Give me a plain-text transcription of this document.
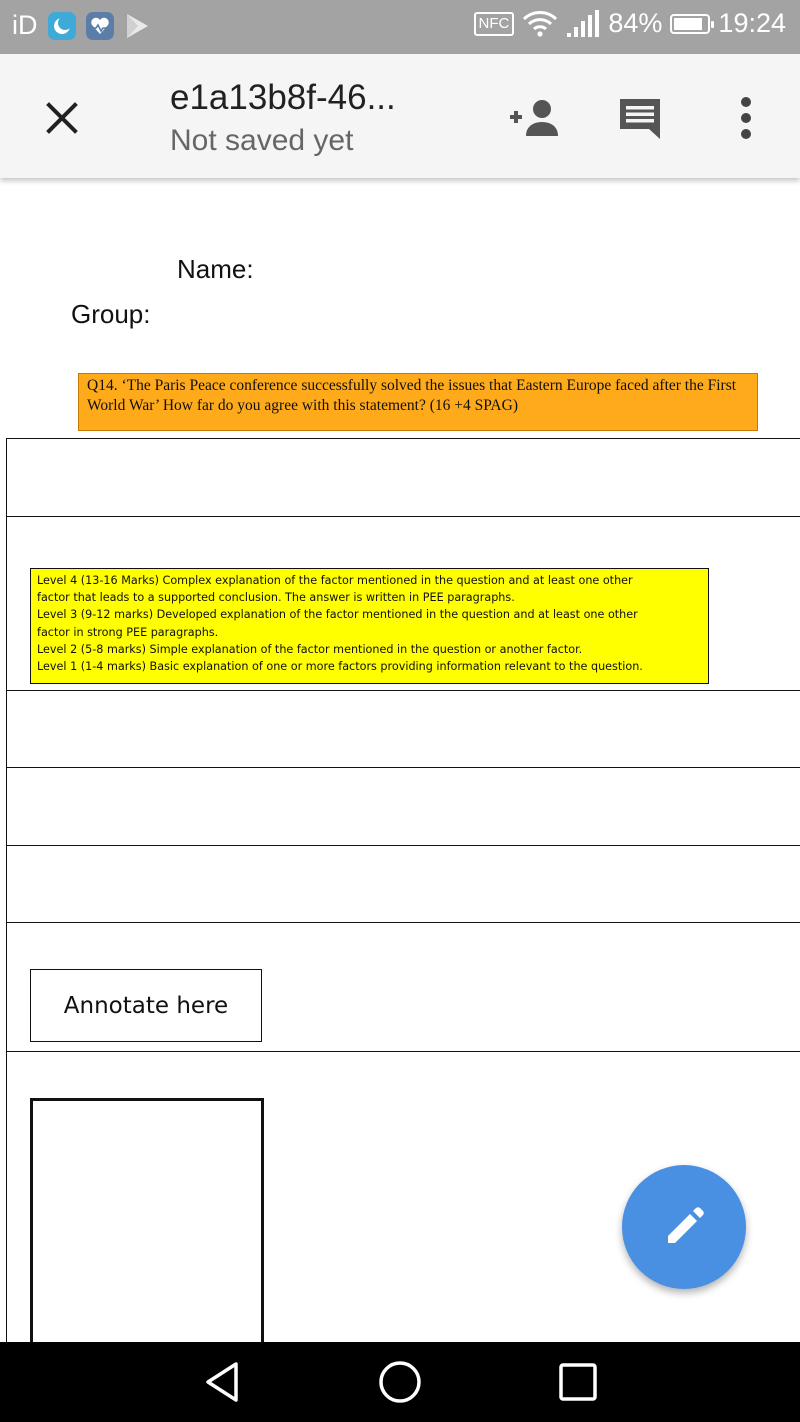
iD	NFC	84% 19:24
e1a13b8f-46...
Not saved yet
Name:
Group:
Q14. ‘The Paris Peace conference successfully solved the issues that Eastern Europe faced after the First World War’ How far do you agree with this statement? (16 +4 SPAG)
Level 4 (13-16 Marks) Complex explanation of the factor mentioned in the question and at least one other
factor that leads to a supported conclusion. The answer is written in PEE paragraphs.
Level 3 (9-12 marks) Developed explanation of the factor mentioned in the question and at least one other
factor in strong PEE paragraphs.
Level 2 (5-8 marks) Simple explanation of the factor mentioned in the question or another factor.
Level 1 (1-4 marks) Basic explanation of one or more factors providing information relevant to the question.
Annotate here
